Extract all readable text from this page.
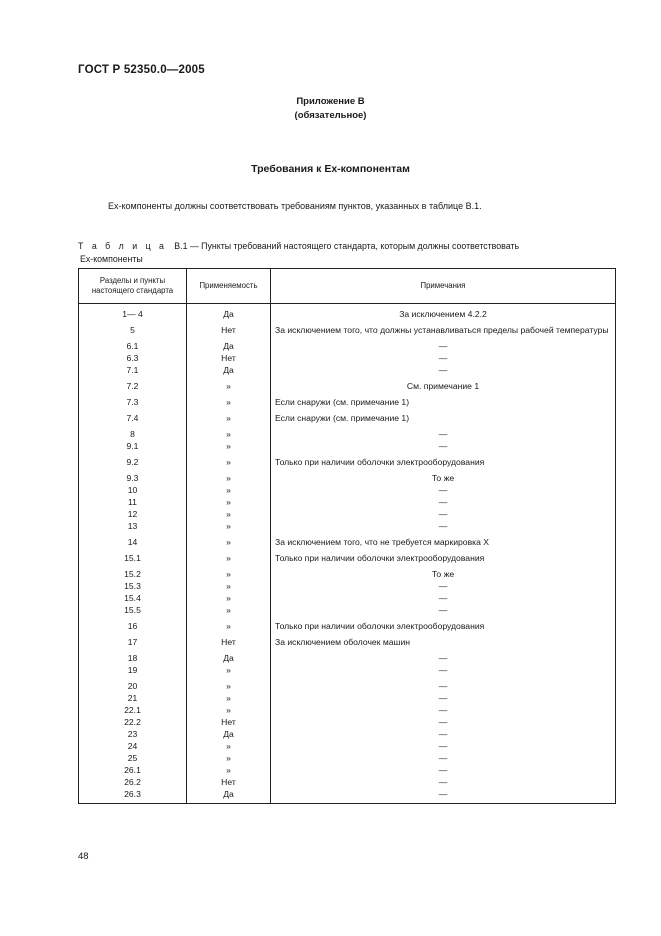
ГОСТ Р 52350.0—2005
Приложение В
(обязательное)
Требования к Ex-компонентам
Ex-компоненты должны соответствовать требованиям пунктов, указанных в таблице В.1.
Т а б л и ц а В.1 — Пункты требований настоящего стандарта, которым должны соответствовать
Ex-компоненты
Разделы и пункты настоящего стандарта	Применяемость	Примечания
1— 4	Да	За исключением 4.2.2
5	Нет	За исключением того, что должны устанавливаться пределы рабочей температуры
6.1	Да	—
6.3	Нет	—
7.1	Да	—
7.2	»	См. примечание 1
7.3	»	Если снаружи (см. примечание 1)
7.4	»	Если снаружи (см. примечание 1)
8	»	—
9.1	»	—
9.2	»	Только при наличии оболочки электрооборудования
9.3	»	То же
10	»	—
11	»	—
12	»	—
13	»	—
14	»	За исключением того, что не требуется маркировка X
15.1	»	Только при наличии оболочки электрооборудования
15.2	»	То же
15.3	»	—
15.4	»	—
15.5	»	—
16	»	Только при наличии оболочки электрооборудования
17	Нет	За исключением оболочек машин
18	Да	—
19	»	—
20	»	—
21	»	—
22.1	»	—
22.2	Нет	—
23	Да	—
24	»	—
25	»	—
26.1	»	—
26.2	Нет	—
26.3	Да	—
48
